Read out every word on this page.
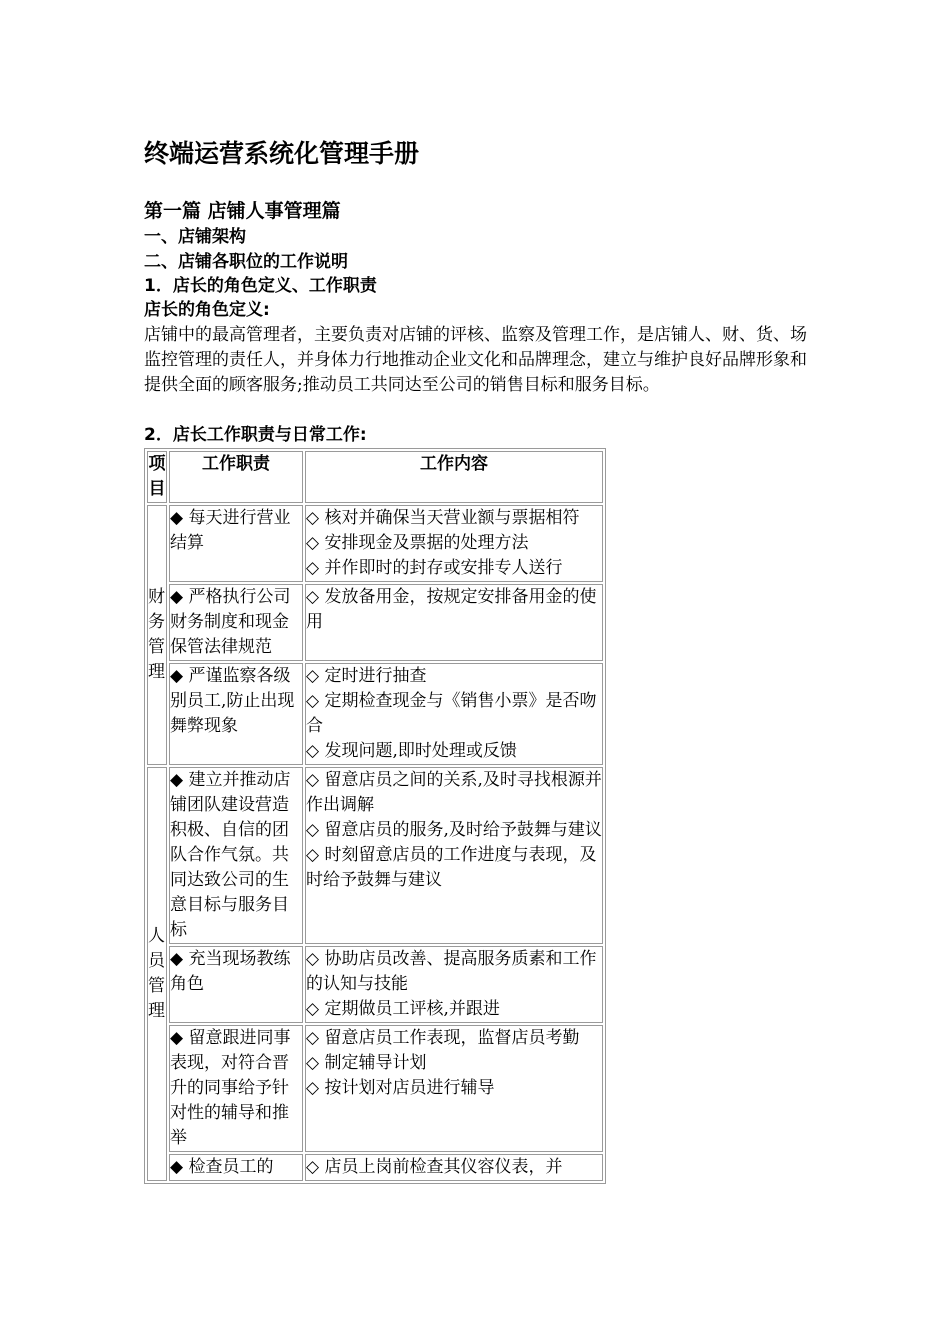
终端运营系统化管理手册

第一篇 店铺人事管理篇

一、店铺架构

二、店铺各职位的工作说明

1．店长的角色定义、工作职责

店长的角色定义:

店铺中的最高管理者，主要负责对店铺的评核、监察及管理工作，是店铺人、财、货、场监控管理的责任人，并身体力行地推动企业文化和品牌理念，建立与维护良好品牌形象和提供全面的顾客服务;推动员工共同达至公司的销售目标和服务目标。

2．店长工作职责与日常工作:

项目	工作职责	工作内容
财务管理	◆ 每天进行营业结算	◇ 核对并确保当天营业额与票据相符
◇ 安排现金及票据的处理方法
◇ 并作即时的封存或安排专人送行

	◆ 严格执行公司财务制度和现金保管法律规范	◇ 发放备用金，按规定安排备用金的使用

	◆ 严谨监察各级别员工,防止出现舞弊现象	◇ 定时进行抽查
◇ 定期检查现金与《销售小票》是否吻合
◇ 发现问题,即时处理或反馈

人员管理	◆ 建立并推动店铺团队建设营造积极、自信的团队合作气氛。共同达致公司的生意目标与服务目标	◇ 留意店员之间的关系,及时寻找根源并作出调解
◇ 留意店员的服务,及时给予鼓舞与建议
◇ 时刻留意店员的工作进度与表现，及时给予鼓舞与建议

	◆ 充当现场教练角色	◇ 协助店员改善、提高服务质素和工作的认知与技能
◇ 定期做员工评核,并跟进

	◆ 留意跟进同事表现，对符合晋升的同事给予针对性的辅导和推举	◇ 留意店员工作表现，监督店员考勤
◇ 制定辅导计划
◇ 按计划对店员进行辅导

	◆ 检查员工的	◇ 店员上岗前检查其仪容仪表，并
